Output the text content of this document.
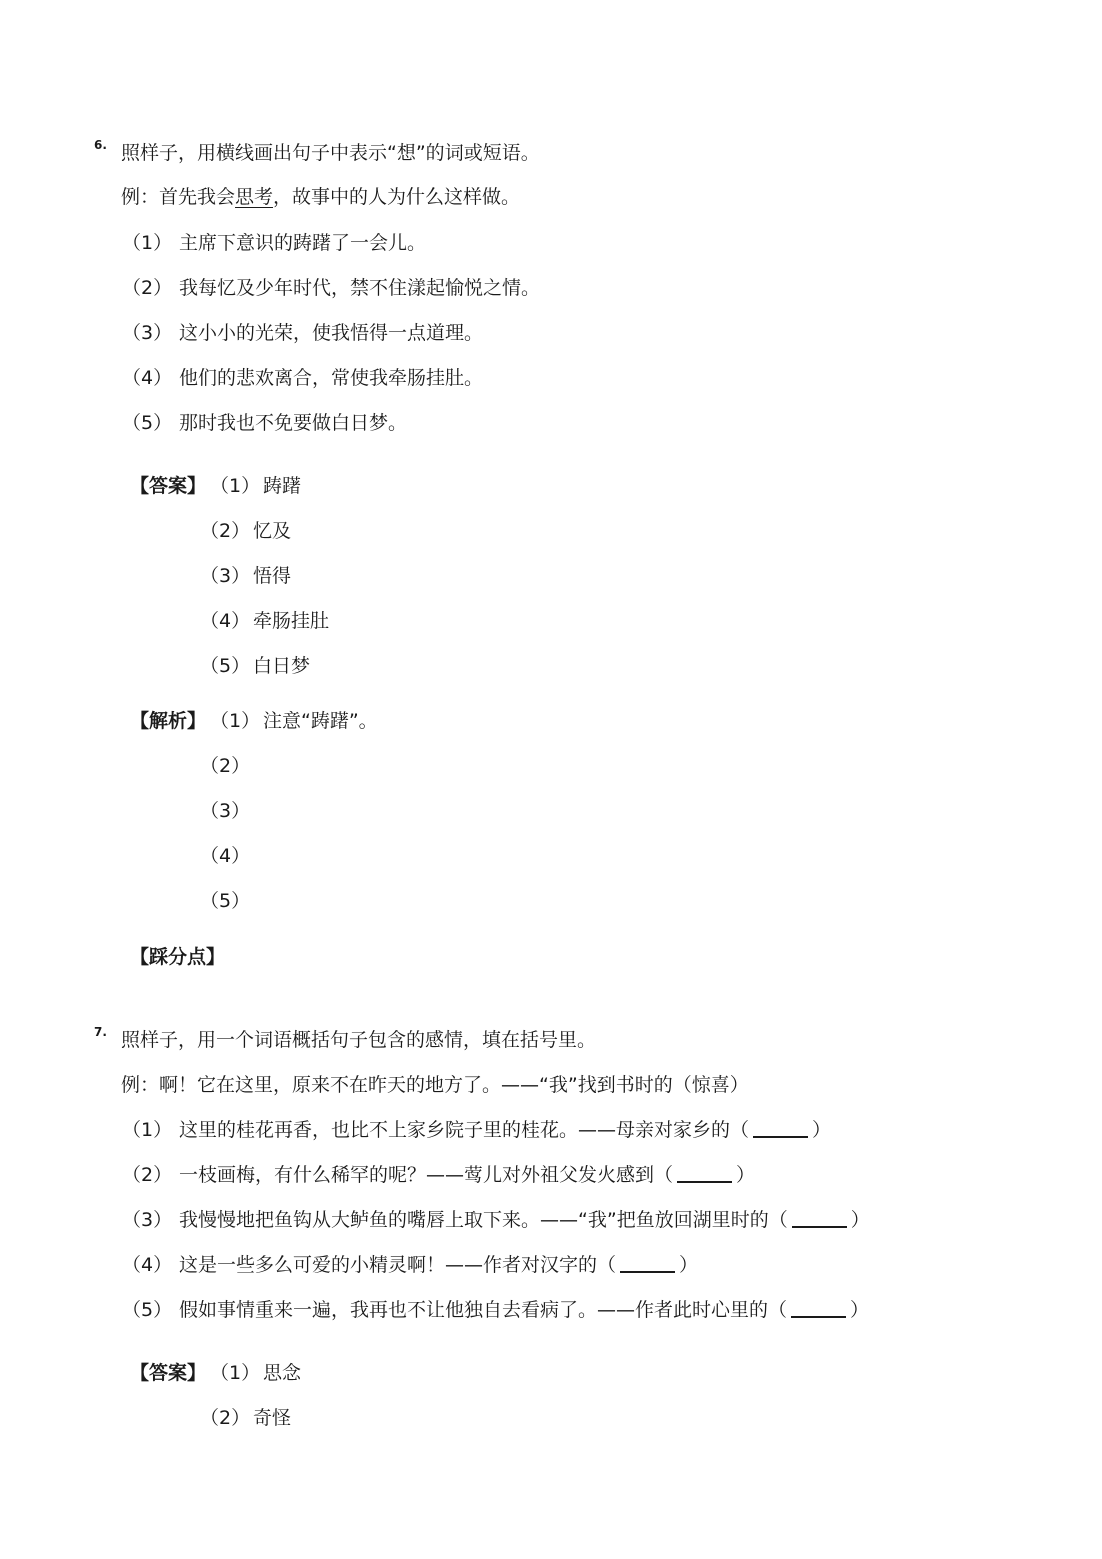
6. 照样子，用横线画出句子中表示“想”的词或短语。
例：首先我会思考，故事中的人为什么这样做。
（1） 主席下意识的踌躇了一会儿。
（2） 我每忆及少年时代，禁不住漾起愉悦之情。
（3） 这小小的光荣，使我悟得一点道理。
（4） 他们的悲欢离合，常使我牵肠挂肚。
（5） 那时我也不免要做白日梦。
【答案】 （1） 踌躇
（2） 忆及
（3） 悟得
（4） 牵肠挂肚
（5） 白日梦
【解析】 （1） 注意“踌躇”。
（2）
（3）
（4）
（5）
【踩分点】
7. 照样子，用一个词语概括句子包含的感情，填在括号里。
例：啊！它在这里，原来不在昨天的地方了。——“我”找到书时的（惊喜）
（1） 这里的桂花再香，也比不上家乡院子里的桂花。——母亲对家乡的（	）
（2） 一枝画梅，有什么稀罕的呢？——莺儿对外祖父发火感到（	）
（3） 我慢慢地把鱼钩从大鲈鱼的嘴唇上取下来。——“我”把鱼放回湖里时的（	）
（4） 这是一些多么可爱的小精灵啊！——作者对汉字的（	）
（5） 假如事情重来一遍，我再也不让他独自去看病了。——作者此时心里的（	）
【答案】 （1） 思念
（2） 奇怪
